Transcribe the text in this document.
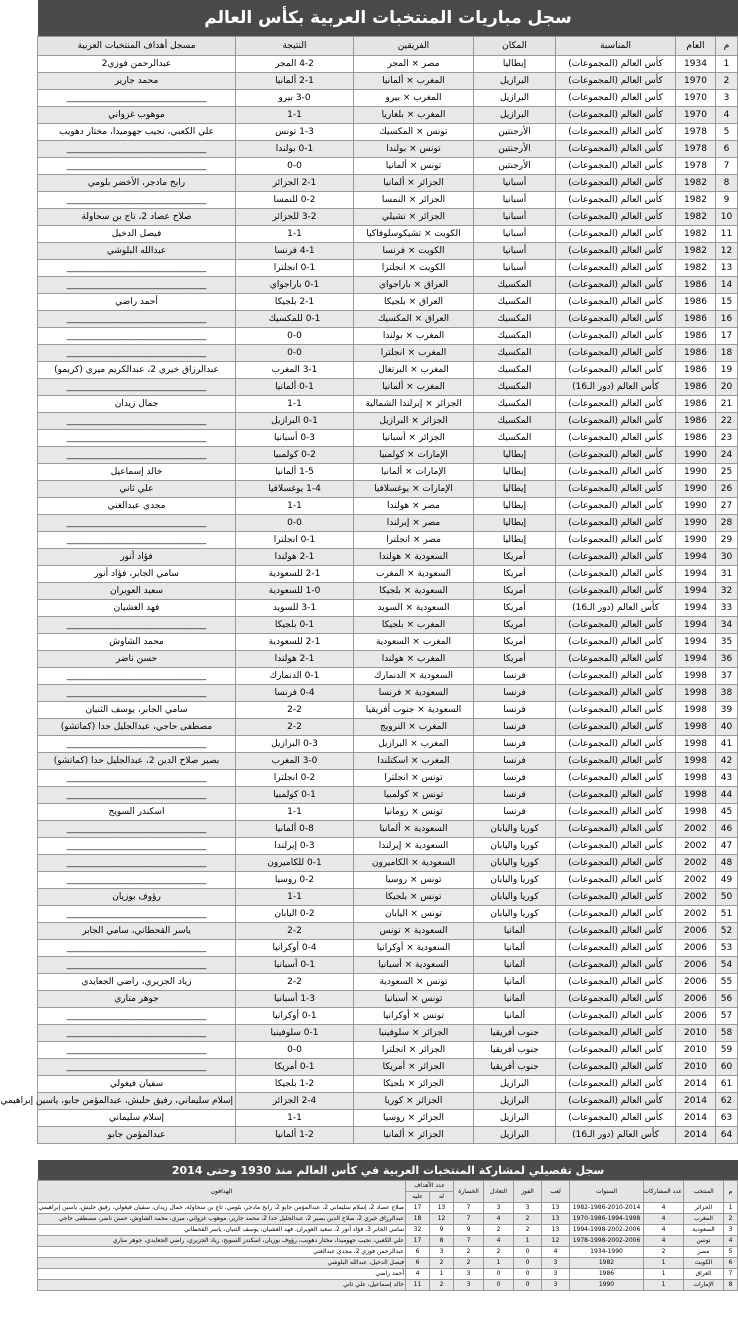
سجل مباريات المنتخبات العربية بكأس العالم
م	العام	المناسبة	المكان	الفريقين	النتيجة	مسجل أهداف المنتخبات العربية
1	1934	كأس العالم (المجموعات)	إيطاليا	مصر × المجر	4-2 المجر	عبدالرحمن فوزي2
2	1970	كأس العالم (المجموعات)	البرازيل	المغرب × ألمانيا	2-1 ألمانيا	محمد جارير
3	1970	كأس العالم (المجموعات)	البرازيل	المغرب × بيرو	3-0 بيرو	_______________________________
4	1970	كأس العالم (المجموعات)	البرازيل	المغرب × بلغاريا	1-1	موهوب غزواني
5	1978	كأس العالم (المجموعات)	الأرجنتين	تونس × المكسيك	1-3 تونس	علي الكعبي، نجيب جهوميدا، مختار دهويب
6	1978	كأس العالم (المجموعات)	الأرجنتين	تونس × بولندا	0-1 بولندا	_______________________________
7	1978	كأس العالم (المجموعات)	الأرجنتين	تونس × ألمانيا	0-0	_______________________________
8	1982	كأس العالم (المجموعات)	أسبانيا	الجزائر × ألمانيا	2-1 الجزائر	رابح مادجر، الأخضر بلومي
9	1982	كأس العالم (المجموعات)	أسبانيا	الجزائر × النمسا	0-2 للنمسا	_______________________________
10	1982	كأس العالم (المجموعات)	أسبانيا	الجزائر × تشيلي	3-2 للجزائر	صلاح عصاد 2، تاج بن سحاولة
11	1982	كأس العالم (المجموعات)	أسبانيا	الكويت × تشيكوسلوفاكيا	1-1	فيصل الدخيل
12	1982	كأس العالم (المجموعات)	أسبانيا	الكويت × فرنسا	4-1 فرنسا	عبدالله البلوشي
13	1982	كأس العالم (المجموعات)	أسبانيا	الكويت × انجلترا	0-1 انجلترا	_______________________________
14	1986	كأس العالم (المجموعات)	المكسيك	العراق × باراجواي	0-1 باراجواي	_______________________________
15	1986	كأس العالم (المجموعات)	المكسيك	العراق × بلجيكا	2-1 بلجيكا	أحمد راضي
16	1986	كأس العالم (المجموعات)	المكسيك	العراق × المكسيك	0-1 للمكسيك	_______________________________
17	1986	كأس العالم (المجموعات)	المكسيك	المغرب × بولندا	0-0	_______________________________
18	1986	كأس العالم (المجموعات)	المكسيك	المغرب × انجلترا	0-0	_______________________________
19	1986	كأس العالم (المجموعات)	المكسيك	المغرب × البرتغال	3-1 المغرب	عبدالرزاق خيري 2، عبدالكريم ميري (كريمو)
20	1986	كأس العالم (دور الـ16)	المكسيك	المغرب × ألمانيا	0-1 ألمانيا	_______________________________
21	1986	كأس العالم (المجموعات)	المكسيك	الجزائر × إيرلندا الشمالية	1-1	جمال زيدان
22	1986	كأس العالم (المجموعات)	المكسيك	الجزائر × البرازيل	0-1 البرازيل	_______________________________
23	1986	كأس العالم (المجموعات)	المكسيك	الجزائر × أسبانيا	0-3 أسبانيا	_______________________________
24	1990	كأس العالم (المجموعات)	إيطاليا	الإمارات × كولمبيا	0-2 كولمبيا	_______________________________
25	1990	كأس العالم (المجموعات)	إيطاليا	الإمارات × ألمانيا	1-5 ألمانيا	خالد إسماعيل
26	1990	كأس العالم (المجموعات)	إيطاليا	الإمارات × يوغسلافيا	1-4 يوغسلافيا	علي ثاني
27	1990	كأس العالم (المجموعات)	إيطاليا	مصر × هولندا	1-1	مجدي عبدالغني
28	1990	كأس العالم (المجموعات)	إيطاليا	مصر × إيرلندا	0-0	_______________________________
29	1990	كأس العالم (المجموعات)	إيطاليا	مصر × انجلترا	0-1 انجلترا	_______________________________
30	1994	كأس العالم (المجموعات)	أمريكا	السعودية × هولندا	2-1 هولندا	فؤاد أنور
31	1994	كأس العالم (المجموعات)	أمريكا	السعودية × المغرب	2-1 للسعودية	سامي الجابر، فؤاد أنور
32	1994	كأس العالم (المجموعات)	أمريكا	السعودية × بلجيكا	1-0 للسعودية	سعيد العويران
33	1994	كأس العالم (دور الـ16)	أمريكا	السعودية × السويد	3-1 للسويد	فهد الغشيان
34	1994	كأس العالم (المجموعات)	أمريكا	المغرب × بلجيكا	0-1 بلجيكا	_______________________________
35	1994	كأس العالم (المجموعات)	أمريكا	المغرب × السعودية	2-1 للسعودية	محمد الشاوش
36	1994	كأس العالم (المجموعات)	أمريكا	المغرب × هولندا	2-1 هولندا	حسن ناضر
37	1998	كأس العالم (المجموعات)	فرنسا	السعودية × الدنمارك	0-1 الدنمارك	_______________________________
38	1998	كأس العالم (المجموعات)	فرنسا	السعودية × فرنسا	0-4 فرنسا	_______________________________
39	1998	كأس العالم (المجموعات)	فرنسا	السعودية × جنوب أفريقيا	2-2	سامي الجابر، يوسف الثنيان
40	1998	كأس العالم (المجموعات)	فرنسا	المغرب × النرويج	2-2	مصطفى حاجي، عبدالجليل حدا (كماتشو)
41	1998	كأس العالم (المجموعات)	فرنسا	المغرب × البرازيل	0-3 البرازيل	_______________________________
42	1998	كأس العالم (المجموعات)	فرنسا	المغرب × اسكتلندا	3-0 المغرب	بصير صلاح الدين 2، عبدالجليل حدا (كماتشو)
43	1998	كأس العالم (المجموعات)	فرنسا	تونس × انجلترا	0-2 انجلترا	_______________________________
44	1998	كأس العالم (المجموعات)	فرنسا	تونس × كولمبيا	0-1 كولمبيا	_______________________________
45	1998	كأس العالم (المجموعات)	فرنسا	تونس × رومانيا	1-1	اسكندر السويح
46	2002	كأس العالم (المجموعات)	كوريا واليابان	السعودية × ألمانيا	0-8 ألمانيا	_______________________________
47	2002	كأس العالم (المجموعات)	كوريا واليابان	السعودية × إيرلندا	0-3 إيرلندا	_______________________________
48	2002	كأس العالم (المجموعات)	كوريا واليابان	السعودية × الكاميرون	0-1 للكاميرون	_______________________________
49	2002	كأس العالم (المجموعات)	كوريا واليابان	تونس × روسيا	0-2 روسيا	_______________________________
50	2002	كأس العالم (المجموعات)	كوريا واليابان	تونس × بلجيكا	1-1	رؤوف بوزيان
51	2002	كأس العالم (المجموعات)	كوريا واليابان	تونس × اليابان	0-2 اليابان	_______________________________
52	2006	كأس العالم (المجموعات)	ألمانيا	السعودية × تونس	2-2	ياسر القحطاني، سامي الجابر
53	2006	كأس العالم (المجموعات)	ألمانيا	السعودية × أوكرانيا	0-4 أوكرانيا	_______________________________
54	2006	كأس العالم (المجموعات)	ألمانيا	السعودية × أسبانيا	0-1 أسبانيا	_______________________________
55	2006	كأس العالم (المجموعات)	ألمانيا	تونس × السعودية	2-2	زياد الجزيري، راضي الجعايدي
56	2006	كأس العالم (المجموعات)	ألمانيا	تونس × أسبانيا	1-3 أسبانيا	جوهر مناري
57	2006	كأس العالم (المجموعات)	ألمانيا	تونس × أوكرانيا	0-1 أوكرانيا	_______________________________
58	2010	كأس العالم (المجموعات)	جنوب أفريقيا	الجزائر × سلوفينيا	0-1 سلوفينيا	_______________________________
59	2010	كأس العالم (المجموعات)	جنوب أفريقيا	الجزائر × انجلترا	0-0	_______________________________
60	2010	كأس العالم (المجموعات)	جنوب أفريقيا	الجزائر × أمريكا	0-1 أمريكا	_______________________________
61	2014	كأس العالم (المجموعات)	البرازيل	الجزائر × بلجيكا	1-2 بلجيكا	سفيان فيغولي
62	2014	كأس العالم (المجموعات)	البرازيل	الجزائر × كوريا	2-4 الجزائر	إسلام سليماني، رفيق حليش، عبدالمؤمن جابو، ياسين إبراهيمي
63	2014	كأس العالم (المجموعات)	البرازيل	الجزائر × روسيا	1-1	إسلام سليماني
64	2014	كأس العالم (دور الـ16)	البرازيل	الجزائر × ألمانيا	1-2 ألمانيا	عبدالمؤمن جابو
سجل تفصيلي لمشاركة المنتخبات العربية في كأس العالم منذ 1930 وحتى 2014
م	المنتخب	عدد المشاركات	السنوات	لعب	الفوز	التعادل	الخسارة	عدد الأهداف		الهدافون
								له	عليه	
1	الجزائر	4	1982-1986-2010-2014	13	3	3	7	13	17	صلاح عصاد 2، إسلام سليماني 2، عبدالمؤمن جابو 2، رابح مادجر، بلومي، تاج بن سحاولة، جمال زيدان، سفيان فيغولي، رفيق حليش، ياسين إبراهيمي
2	المغرب	4	1970-1986-1994-1998	13	2	4	7	12	18	عبدالرزاق خيري 2، صلاح الدين بصير 2، عبدالجليل حدا 2، محمد جارير، موهوب غزواني، ميري، محمد الشاوش، حسن ناضر، مصطفى حاجي
3	السعودية	4	1994-1998-2002-2006	13	2	2	9	9	32	سامي الجابر 3، فؤاد أنور 2، سعيد العويران، فهد الغشيان، يوسف الثنيان، ياسر القحطاني
4	تونس	4	1978-1998-2002-2006	12	1	4	7	8	17	علي الكعبي، نجيب جهوميدا، مختار دهويب، رؤوف بوزيان، اسكندر السويح، زياد الجزيري، راضي الجعايدي، جوهر مناري
5	مصر	2	1934-1990	4	0	2	2	3	6	عبدالرحمن فوزي 2، مجدي عبدالغني
6	الكويت	1	1982	3	0	1	2	2	6	فيصل الدخيل، عبدالله البلوشي
7	العراق	1	1986	3	0	0	3	1	4	أحمد راضي
8	الإمارات	1	1990	3	0	0	3	2	11	خالد إسماعيل، علي ثاني
